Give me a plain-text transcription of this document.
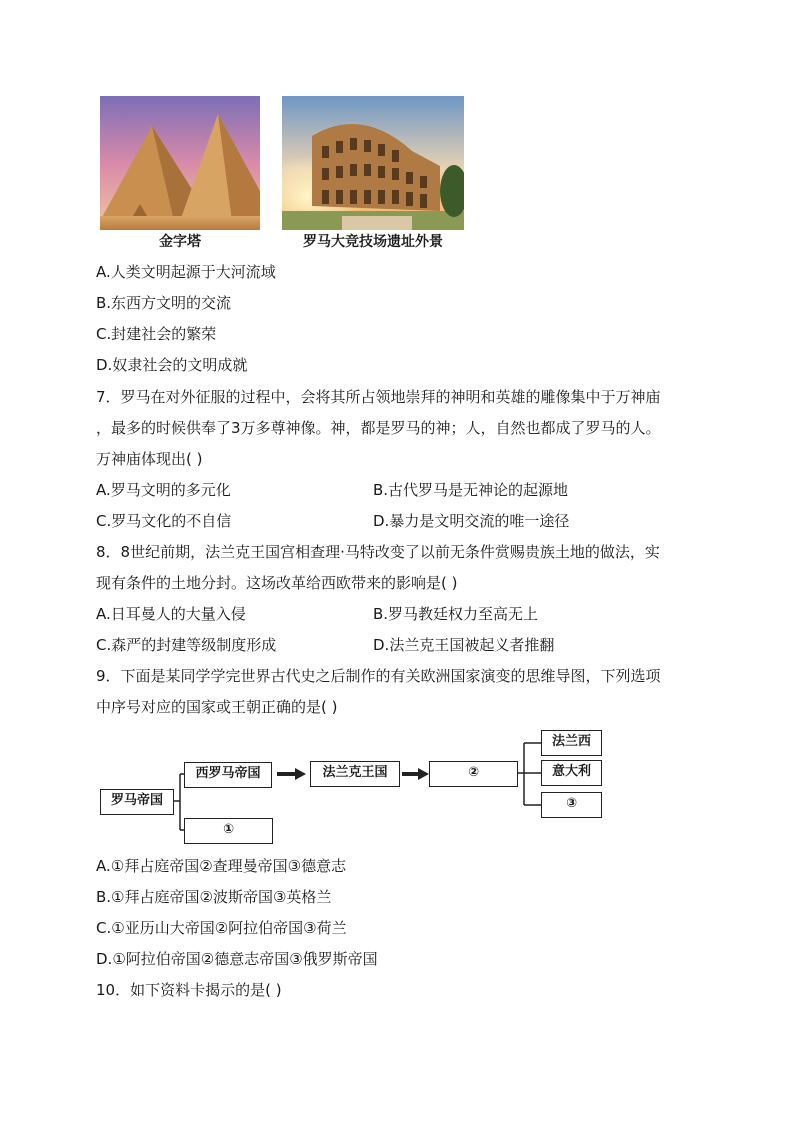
金字塔	罗马大竞技场遗址外景
A.人类文明起源于大河流域
B.东西方文明的交流
C.封建社会的繁荣
D.奴隶社会的文明成就
7．罗马在对外征服的过程中，会将其所占领地崇拜的神明和英雄的雕像集中于万神庙
，最多的时候供奉了3万多尊神像。神，都是罗马的神；人，自然也都成了罗马的人。
万神庙体现出( )
A.罗马文明的多元化	B.古代罗马是无神论的起源地
C.罗马文化的不自信	D.暴力是文明交流的唯一途径
8．8世纪前期，法兰克王国宫相查理·马特改变了以前无条件赏赐贵族土地的做法，实
现有条件的土地分封。这场改革给西欧带来的影响是( )
A.日耳曼人的大量入侵	B.罗马教廷权力至高无上
C.森严的封建等级制度形成	D.法兰克王国被起义者推翻
9．下面是某同学学完世界古代史之后制作的有关欧洲国家演变的思维导图，下列选项
中序号对应的国家或王朝正确的是( )
罗马帝国
西罗马帝国	法兰克王国	②
法兰西
意大利
③
①
A.①拜占庭帝国②查理曼帝国③德意志
B.①拜占庭帝国②波斯帝国③英格兰
C.①亚历山大帝国②阿拉伯帝国③荷兰
D.①阿拉伯帝国②德意志帝国③俄罗斯帝国
10．如下资料卡揭示的是( )
